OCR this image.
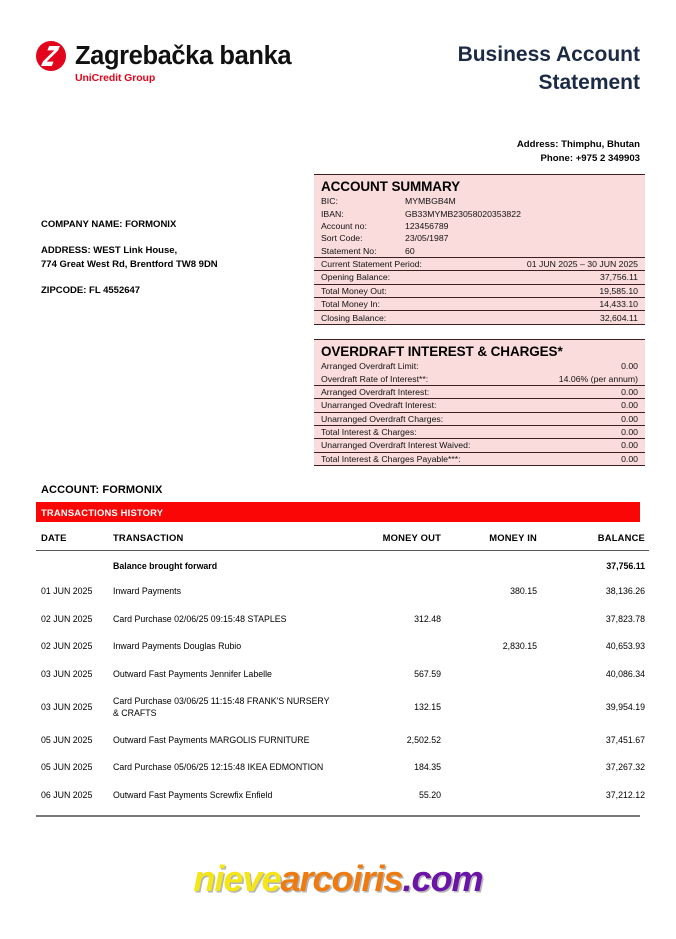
Zagrebačka banka
UniCredit Group
Business Account
Statement
Address: Thimphu, Bhutan
Phone: +975 2 349903
COMPANY NAME: FORMONIX
ADDRESS: WEST Link House,
774 Great West Rd, Brentford TW8 9DN
ZIPCODE: FL 4552647
ACCOUNT SUMMARY
BIC:	MYMBGB4M
IBAN:	GB33MYMB23058020353822
Account no:	123456789
Sort Code:	23/05/1987
Statement No:	60
Current Statement Period:	01 JUN 2025 – 30 JUN 2025
Opening Balance:	37,756.11
Total Money Out:	19,585.10
Total Money In:	14,433.10
Closing Balance:	32,604.11
OVERDRAFT INTEREST & CHARGES*
Arranged Overdraft Limit:	0.00
Overdraft Rate of Interest**:	14.06% (per annum)
Arranged Overdraft Interest:	0.00
Unarranged Ovedraft Interest:	0.00
Unarranged Overdraft Charges:	0.00
Total Interest & Charges:	0.00
Unarranged Overdraft Interest Waived:	0.00
Total Interest & Charges Payable***:	0.00
ACCOUNT: FORMONIX
TRANSACTIONS HISTORY
DATE	TRANSACTION	MONEY OUT	MONEY IN	BALANCE
	Balance brought forward			37,756.11
01 JUN 2025	Inward Payments		380.15	38,136.26
02 JUN 2025	Card Purchase 02/06/25 09:15:48 STAPLES	312.48		37,823.78
02 JUN 2025	Inward Payments Douglas Rubio		2,830.15	40,653.93
03 JUN 2025	Outward Fast Payments Jennifer Labelle	567.59		40,086.34
03 JUN 2025	Card Purchase 03/06/25 11:15:48 FRANK'S NURSERY & CRAFTS	132.15		39,954.19
05 JUN 2025	Outward Fast Payments MARGOLIS FURNITURE	2,502.52		37,451.67
05 JUN 2025	Card Purchase 05/06/25 12:15:48 IKEA EDMONTION	184.35		37,267.32
06 JUN 2025	Outward Fast Payments Screwfix Enfield	55.20		37,212.12
nievearcoiris.com
